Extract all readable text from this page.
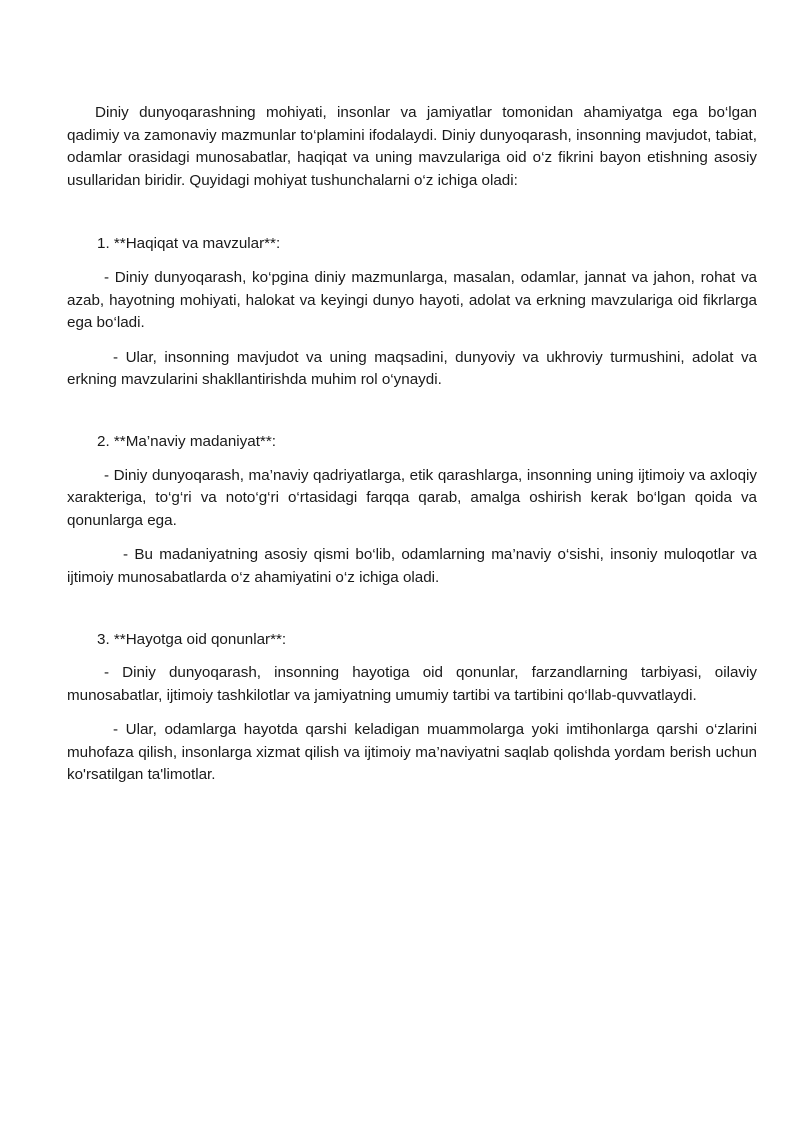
Diniy dunyoqarashning mohiyati, insonlar va jamiyatlar tomonidan ahamiyatga ega bo‘lgan qadimiy va zamonaviy mazmunlar to‘plamini ifodalaydi. Diniy dunyoqarash, insonning mavjudot, tabiat, odamlar orasidagi munosabatlar, haqiqat va uning mavzulariga oid o‘z fikrini bayon etishning asosiy usullaridan biridir. Quyidagi mohiyat tushunchalarni o‘z ichiga oladi:

1. **Haqiqat va mavzular**:

- Diniy dunyoqarash, ko‘pgina diniy mazmunlarga, masalan, odamlar, jannat va jahon, rohat va azab, hayotning mohiyati, halokat va keyingi dunyo hayoti, adolat va erkning mavzulariga oid fikrlarga ega bo‘ladi.

- Ular, insonning mavjudot va uning maqsadini, dunyoviy va ukhroviy turmushini, adolat va erkning mavzularini shakllantirishda muhim rol o‘ynaydi.

2. **Ma’naviy madaniyat**:

- Diniy dunyoqarash, ma’naviy qadriyatlarga, etik qarashlarga, insonning uning ijtimoiy va axloqiy xarakteriga, to‘g‘ri va noto‘g‘ri o‘rtasidagi farqqa qarab, amalga oshirish kerak bo‘lgan qoida va qonunlarga ega.

- Bu madaniyatning asosiy qismi bo‘lib, odamlarning ma’naviy o‘sishi, insoniy muloqotlar va ijtimoiy munosabatlarda o‘z ahamiyatini o‘z ichiga oladi.

3. **Hayotga oid qonunlar**:

- Diniy dunyoqarash, insonning hayotiga oid qonunlar, farzandlarning tarbiyasi, oilaviy munosabatlar, ijtimoiy tashkilotlar va jamiyatning umumiy tartibi va tartibini qo‘llab-quvvatlaydi.

- Ular, odamlarga hayotda qarshi keladigan muammolarga yoki imtihonlarga qarshi o‘zlarini muhofaza qilish, insonlarga xizmat qilish va ijtimoiy ma’naviyatni saqlab qolishda yordam berish uchun ko'rsatilgan ta'limotlar.
